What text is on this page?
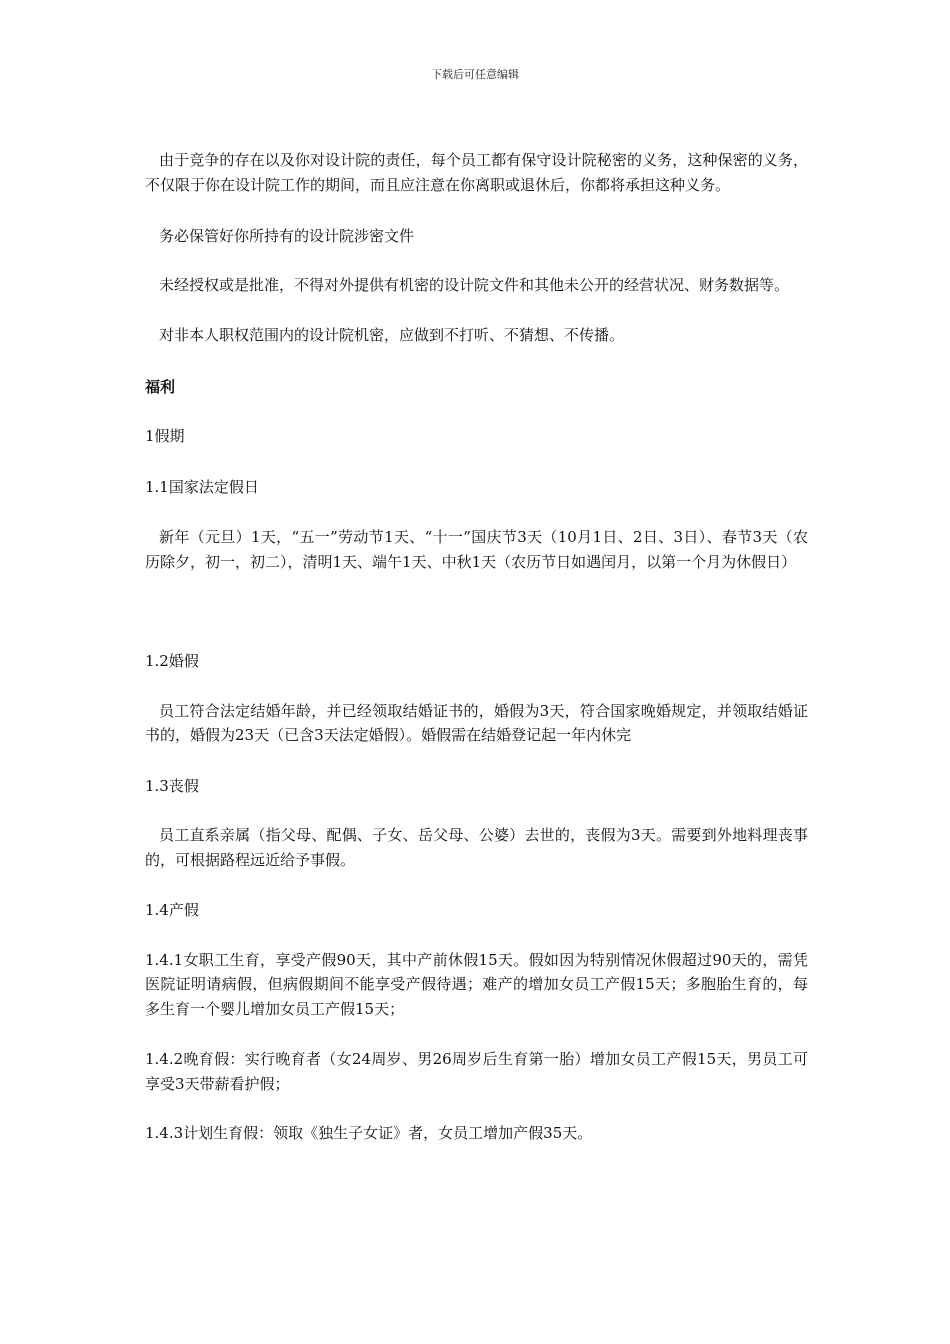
下载后可任意编辑

由于竞争的存在以及你对设计院的责任，每个员工都有保守设计院秘密的义务，这种保密的义务，不仅限于你在设计院工作的期间，而且应注意在你离职或退休后，你都将承担这种义务。

务必保管好你所持有的设计院涉密文件

未经授权或是批准，不得对外提供有机密的设计院文件和其他未公开的经营状况、财务数据等。

对非本人职权范围内的设计院机密，应做到不打听、不猜想、不传播。

福利

1假期

1.1国家法定假日

新年（元旦）1天，“五一”劳动节1天、“十一”国庆节3天（10月1日、2日、3日）、春节3天（农历除夕，初一，初二），清明1天、端午1天、中秋1天（农历节日如遇闰月，以第一个月为休假日）

1.2婚假

员工符合法定结婚年龄，并已经领取结婚证书的，婚假为3天，符合国家晚婚规定，并领取结婚证书的，婚假为23天（已含3天法定婚假）。婚假需在结婚登记起一年内休完

1.3丧假

员工直系亲属（指父母、配偶、子女、岳父母、公婆）去世的，丧假为3天。需要到外地料理丧事的，可根据路程远近给予事假。

1.4产假

1.4.1女职工生育，享受产假90天，其中产前休假15天。假如因为特别情况休假超过90天的，需凭医院证明请病假，但病假期间不能享受产假待遇；难产的增加女员工产假15天；多胞胎生育的，每多生育一个婴儿增加女员工产假15天；

1.4.2晚育假：实行晚育者（女24周岁、男26周岁后生育第一胎）增加女员工产假15天，男员工可享受3天带薪看护假；

1.4.3计划生育假：领取《独生子女证》者，女员工增加产假35天。
